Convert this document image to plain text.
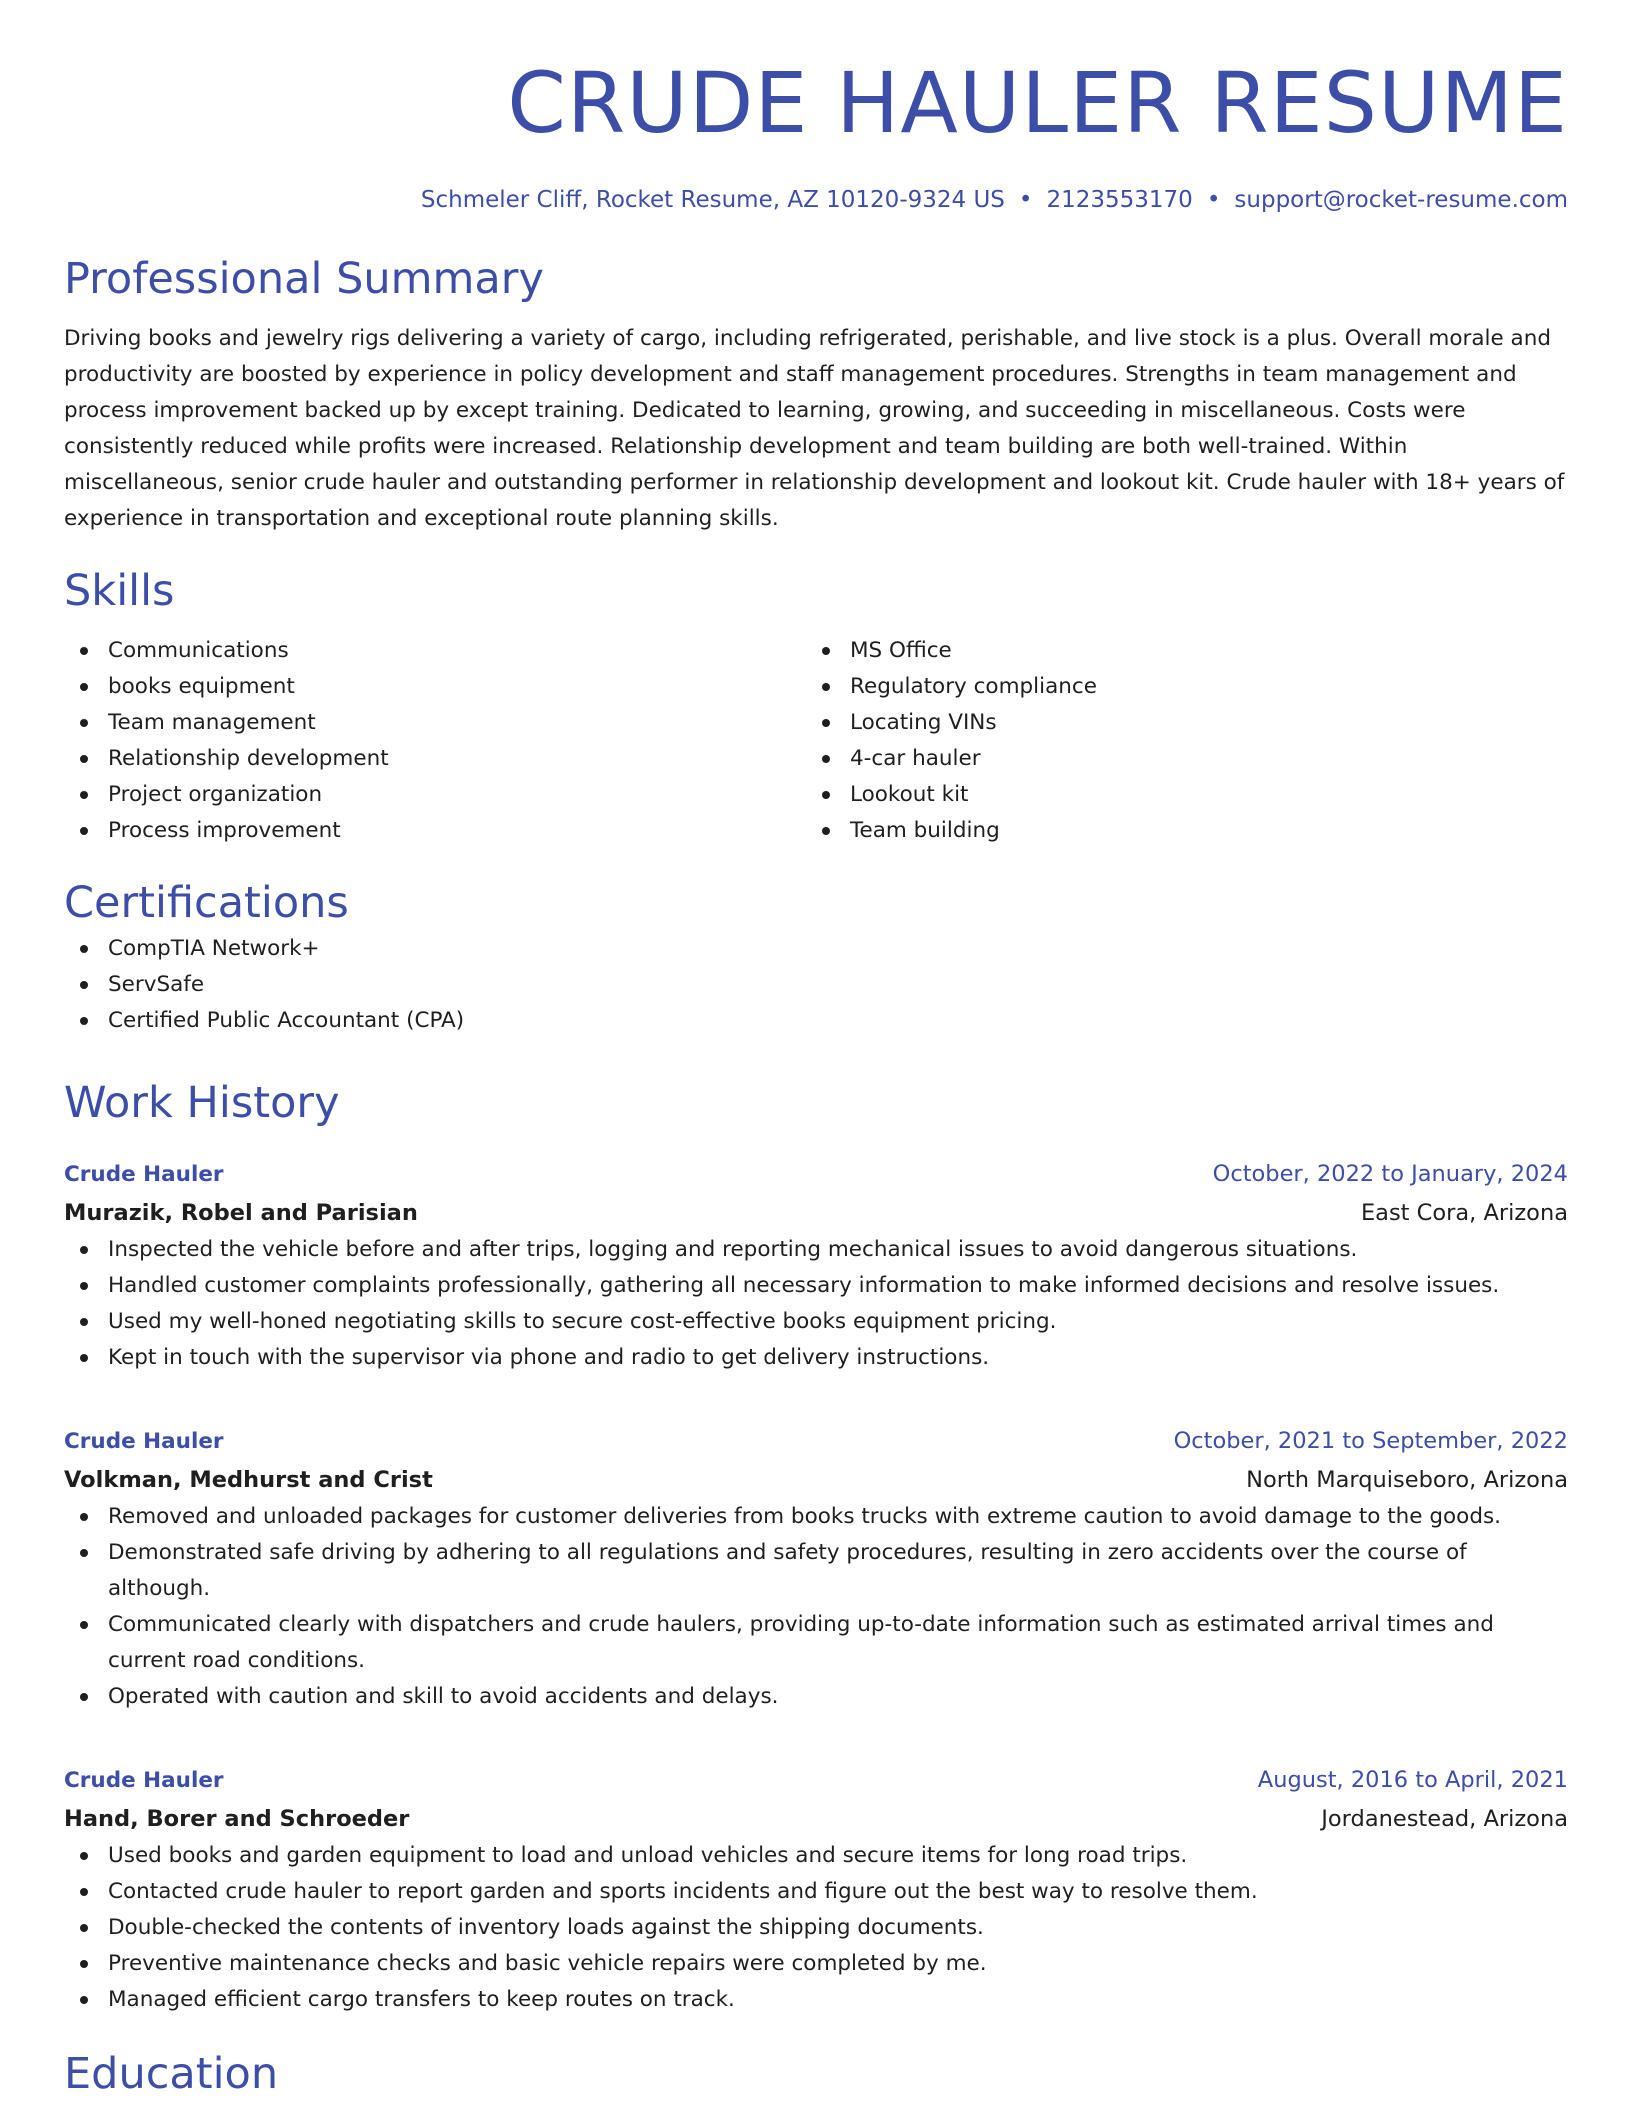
CRUDE HAULER RESUME
Schmeler Cliff, Rocket Resume, AZ 10120-9324 US • 2123553170 • support@rocket-resume.com
Professional Summary
Driving books and jewelry rigs delivering a variety of cargo, including refrigerated, perishable, and live stock is a plus. Overall morale and productivity are boosted by experience in policy development and staff management procedures. Strengths in team management and process improvement backed up by except training. Dedicated to learning, growing, and succeeding in miscellaneous. Costs were consistently reduced while profits were increased. Relationship development and team building are both well-trained. Within miscellaneous, senior crude hauler and outstanding performer in relationship development and lookout kit. Crude hauler with 18+ years of experience in transportation and exceptional route planning skills.
Skills
Communications
books equipment
Team management
Relationship development
Project organization
Process improvement
MS Office
Regulatory compliance
Locating VINs
4-car hauler
Lookout kit
Team building
Certifications
CompTIA Network+
ServSafe
Certified Public Accountant (CPA)
Work History
Crude Hauler	October, 2022 to January, 2024
Murazik, Robel and Parisian	East Cora, Arizona
Inspected the vehicle before and after trips, logging and reporting mechanical issues to avoid dangerous situations.
Handled customer complaints professionally, gathering all necessary information to make informed decisions and resolve issues.
Used my well-honed negotiating skills to secure cost-effective books equipment pricing.
Kept in touch with the supervisor via phone and radio to get delivery instructions.
Crude Hauler	October, 2021 to September, 2022
Volkman, Medhurst and Crist	North Marquiseboro, Arizona
Removed and unloaded packages for customer deliveries from books trucks with extreme caution to avoid damage to the goods.
Demonstrated safe driving by adhering to all regulations and safety procedures, resulting in zero accidents over the course of although.
Communicated clearly with dispatchers and crude haulers, providing up-to-date information such as estimated arrival times and current road conditions.
Operated with caution and skill to avoid accidents and delays.
Crude Hauler	August, 2016 to April, 2021
Hand, Borer and Schroeder	Jordanestead, Arizona
Used books and garden equipment to load and unload vehicles and secure items for long road trips.
Contacted crude hauler to report garden and sports incidents and figure out the best way to resolve them.
Double-checked the contents of inventory loads against the shipping documents.
Preventive maintenance checks and basic vehicle repairs were completed by me.
Managed efficient cargo transfers to keep routes on track.
Education
